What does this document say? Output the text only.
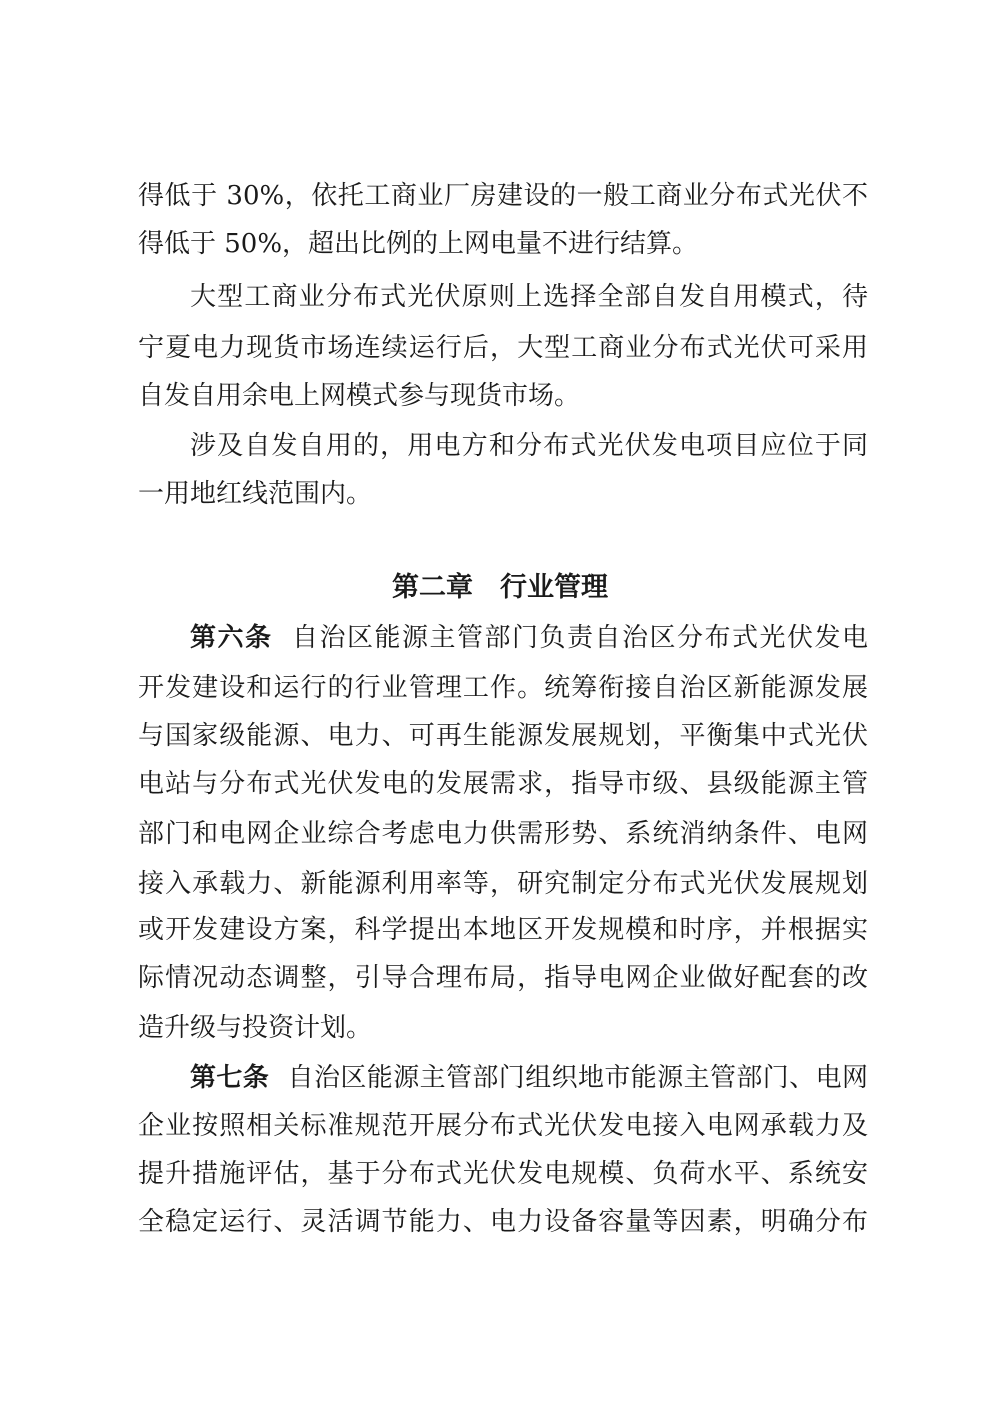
得低于 30%，依托工商业厂房建设的一般工商业分布式光伏不
得低于 50%，超出比例的上网电量不进行结算。
大型工商业分布式光伏原则上选择全部自发自用模式，待
宁夏电力现货市场连续运行后，大型工商业分布式光伏可采用
自发自用余电上网模式参与现货市场。
涉及自发自用的，用电方和分布式光伏发电项目应位于同
一用地红线范围内。
第二章　行业管理
第六条 自治区能源主管部门负责自治区分布式光伏发电
开发建设和运行的行业管理工作。统筹衔接自治区新能源发展
与国家级能源、电力、可再生能源发展规划，平衡集中式光伏
电站与分布式光伏发电的发展需求，指导市级、县级能源主管
部门和电网企业综合考虑电力供需形势、系统消纳条件、电网
接入承载力、新能源利用率等，研究制定分布式光伏发展规划
或开发建设方案，科学提出本地区开发规模和时序，并根据实
际情况动态调整，引导合理布局，指导电网企业做好配套的改
造升级与投资计划。
第七条 自治区能源主管部门组织地市能源主管部门、电网
企业按照相关标准规范开展分布式光伏发电接入电网承载力及
提升措施评估，基于分布式光伏发电规模、负荷水平、系统安
全稳定运行、灵活调节能力、电力设备容量等因素，明确分布
